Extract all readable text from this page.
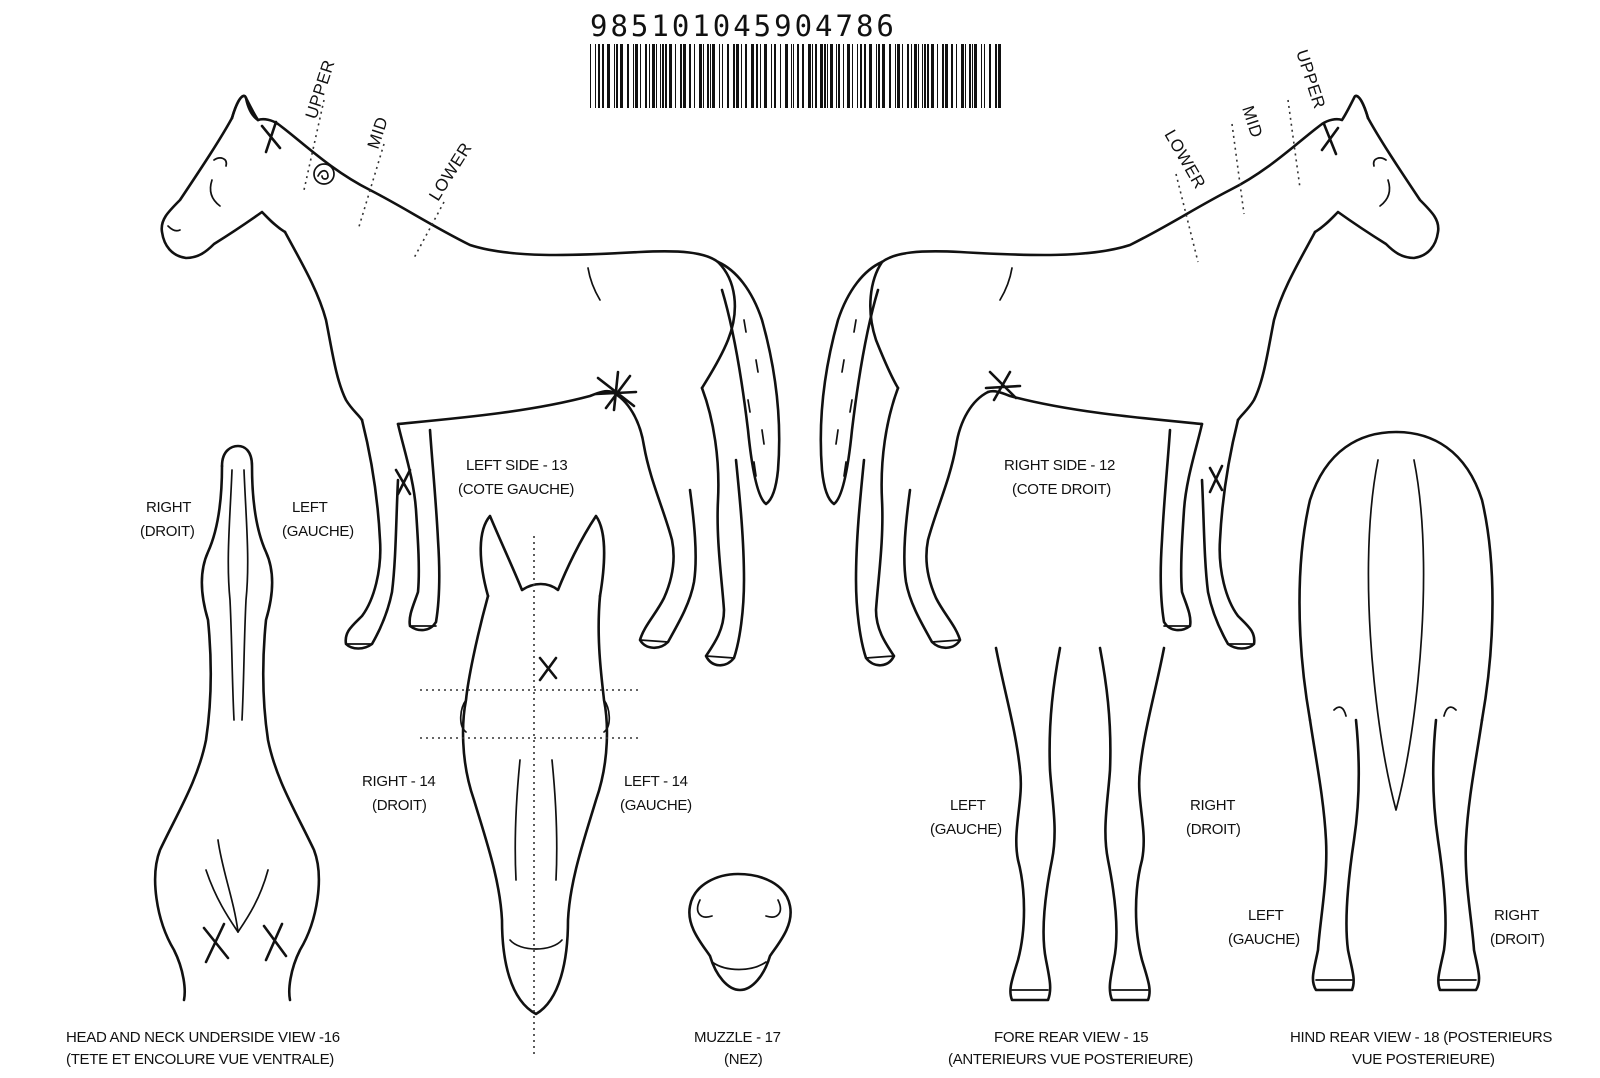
985101045904786
UPPER
MID
LOWER
LEFT SIDE - 13
(COTE GAUCHE)
UPPER
MID
LOWER
RIGHT SIDE - 12
(COTE DROIT)
RIGHT
(DROIT)
LEFT
(GAUCHE)
HEAD AND NECK UNDERSIDE VIEW -16
(TETE ET ENCOLURE VUE VENTRALE)
RIGHT - 14
(DROIT)
LEFT - 14
(GAUCHE)
MUZZLE - 17
(NEZ)
LEFT
(GAUCHE)
RIGHT
(DROIT)
FORE REAR VIEW - 15
(ANTERIEURS VUE POSTERIEURE)
LEFT
(GAUCHE)
RIGHT
(DROIT)
HIND REAR VIEW - 18 (POSTERIEURS
VUE POSTERIEURE)
